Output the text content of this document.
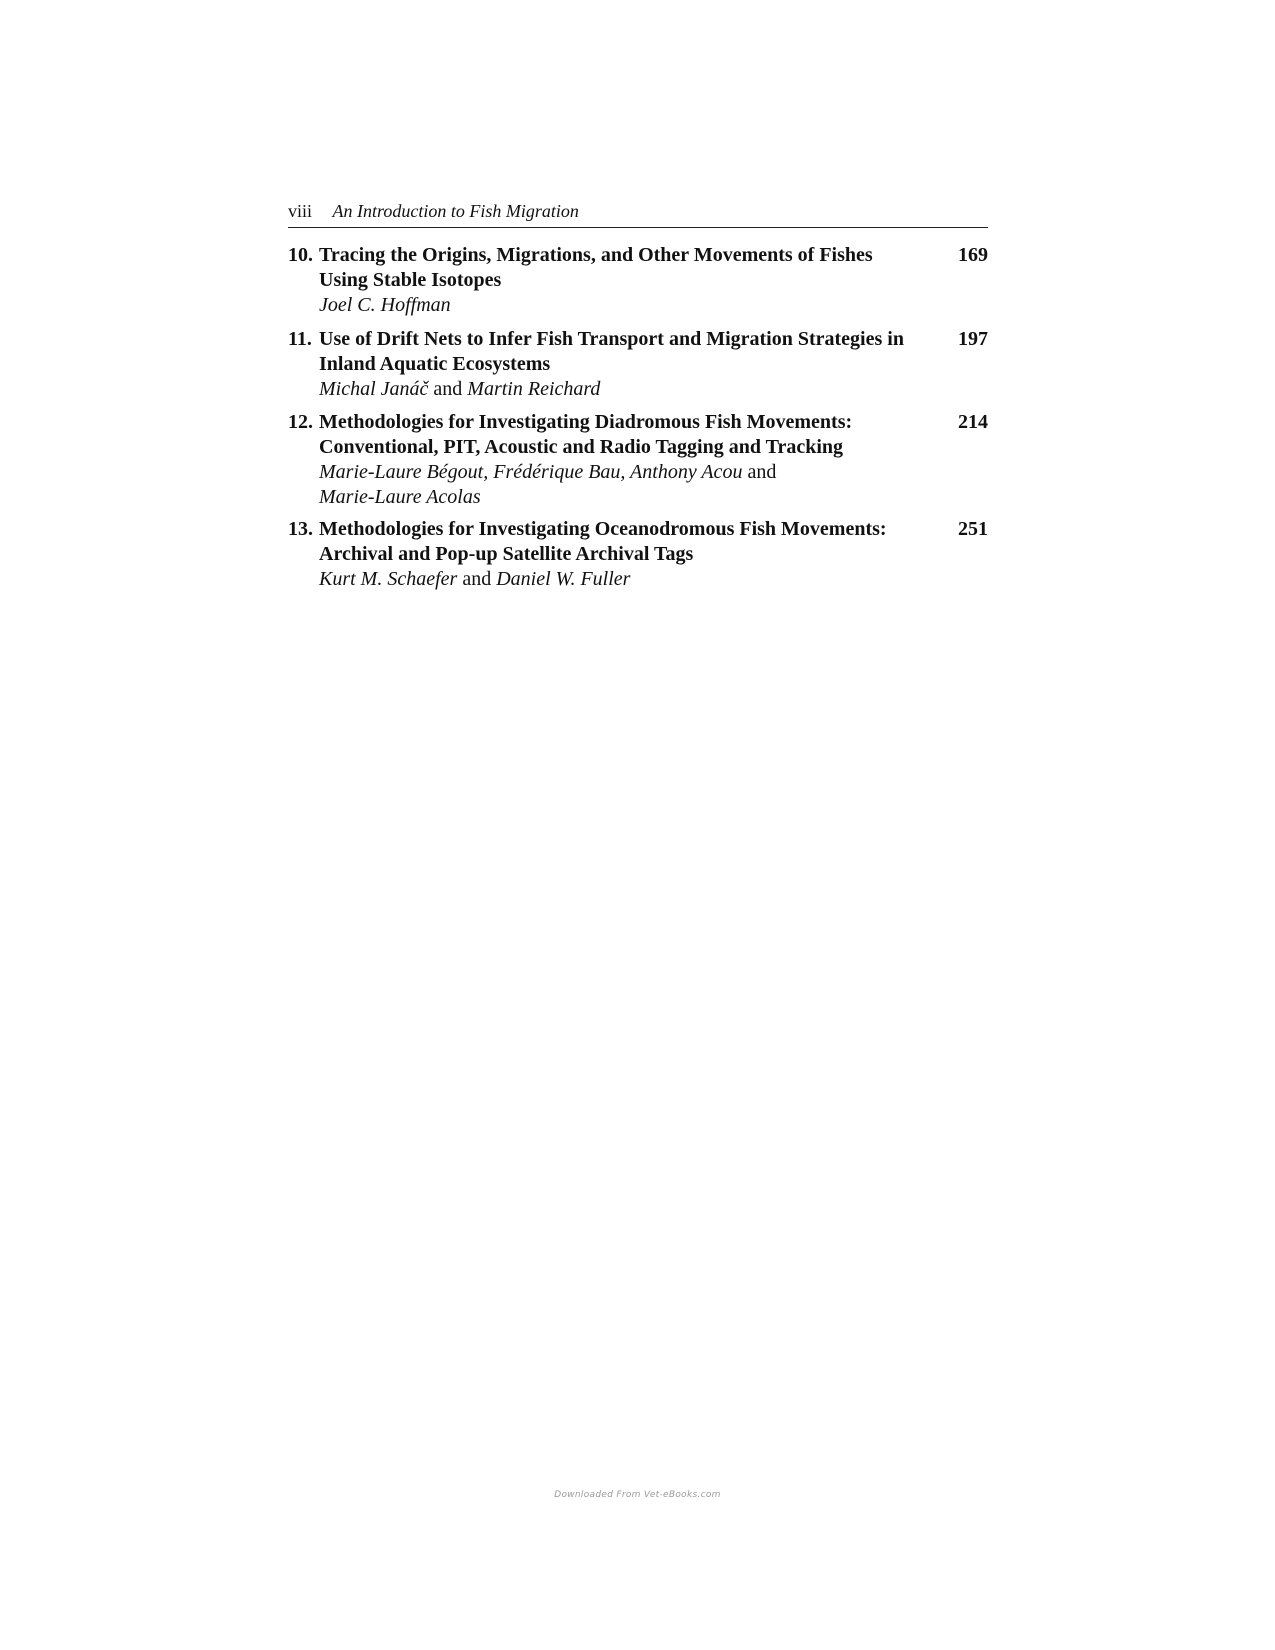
viii An Introduction to Fish Migration
10. Tracing the Origins, Migrations, and Other Movements of Fishes
Using Stable Isotopes
Joel C. Hoffman
169
11. Use of Drift Nets to Infer Fish Transport and Migration Strategies in
Inland Aquatic Ecosystems
Michal Janáč and Martin Reichard
197
12. Methodologies for Investigating Diadromous Fish Movements:
Conventional, PIT, Acoustic and Radio Tagging and Tracking
Marie-Laure Bégout, Frédérique Bau, Anthony Acou and
Marie-Laure Acolas
214
13. Methodologies for Investigating Oceanodromous Fish Movements:
Archival and Pop-up Satellite Archival Tags
Kurt M. Schaefer and Daniel W. Fuller
251
Downloaded From Vet-eBooks.com
